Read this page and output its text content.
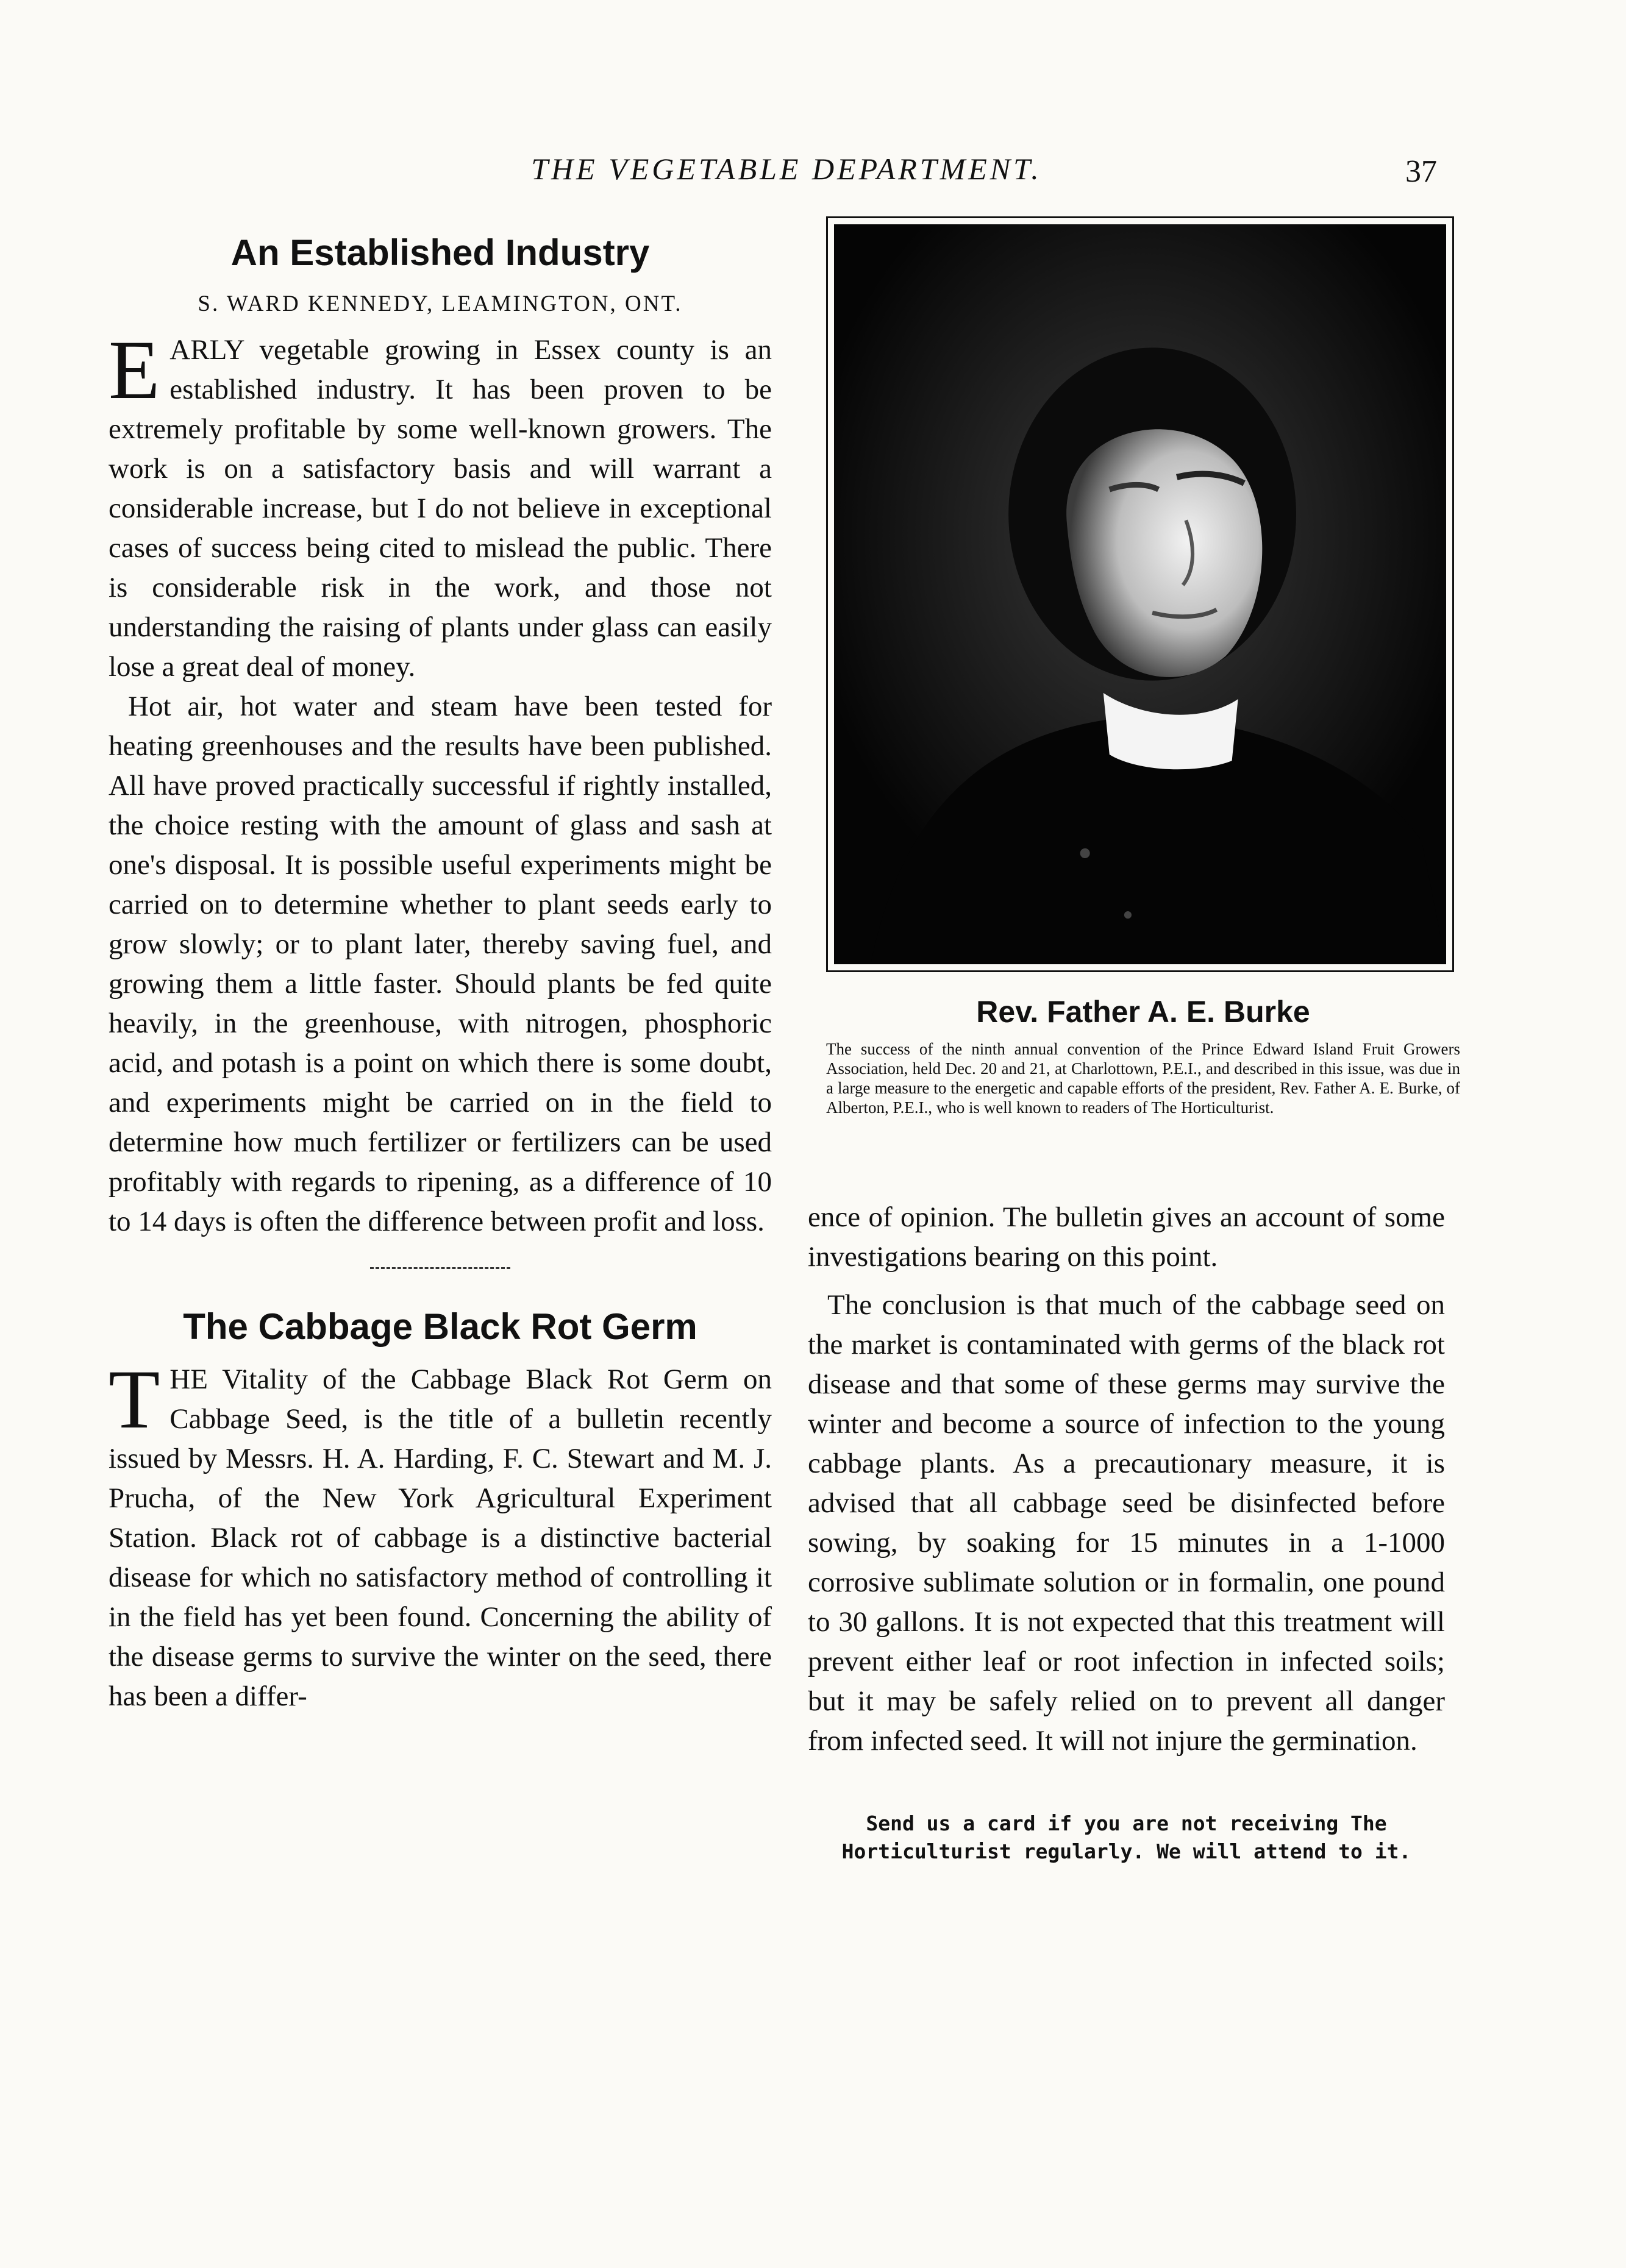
THE VEGETABLE DEPARTMENT.	37
An Established Industry
S. WARD KENNEDY, LEAMINGTON, ONT.

EARLY vegetable growing in Essex county is an established industry. It has been proven to be extremely profitable by some well-known growers. The work is on a satisfactory basis and will warrant a considerable increase, but I do not believe in exceptional cases of success being cited to mislead the public. There is considerable risk in the work, and those not understanding the raising of plants under glass can easily lose a great deal of money.

Hot air, hot water and steam have been tested for heating greenhouses and the results have been published. All have proved practically successful if rightly installed, the choice resting with the amount of glass and sash at one's disposal. It is possible useful experiments might be carried on to determine whether to plant seeds early to grow slowly; or to plant later, thereby saving fuel, and growing them a little faster. Should plants be fed quite heavily, in the greenhouse, with nitrogen, phosphoric acid, and potash is a point on which there is some doubt, and experiments might be carried on in the field to determine how much fertilizer or fertilizers can be used profitably with regards to ripening, as a difference of 10 to 14 days is often the difference between profit and loss.

The Cabbage Black Rot Germ

THE Vitality of the Cabbage Black Rot Germ on Cabbage Seed, is the title of a bulletin recently issued by Messrs. H. A. Harding, F. C. Stewart and M. J. Prucha, of the New York Agricultural Experiment Station. Black rot of cabbage is a distinctive bacterial disease for which no satisfactory method of controlling it in the field has yet been found. Concerning the ability of the disease germs to survive the winter on the seed, there has been a differ-

Rev. Father A. E. Burke

The success of the ninth annual convention of the Prince Edward Island Fruit Growers Association, held Dec. 20 and 21, at Charlottown, P.E.I., and described in this issue, was due in a large measure to the energetic and capable efforts of the president, Rev. Father A. E. Burke, of Alberton, P.E.I., who is well known to readers of The Horticulturist.

ence of opinion. The bulletin gives an account of some investigations bearing on this point.

The conclusion is that much of the cabbage seed on the market is contaminated with germs of the black rot disease and that some of these germs may survive the winter and become a source of infection to the young cabbage plants. As a precautionary measure, it is advised that all cabbage seed be disinfected before sowing, by soaking for 15 minutes in a 1-1000 corrosive sublimate solution or in formalin, one pound to 30 gallons. It is not expected that this treatment will prevent either leaf or root infection in infected soils; but it may be safely relied on to prevent all danger from infected seed. It will not injure the germination.

Send us a card if you are not receiving The
Horticulturist regularly. We will attend to it.
